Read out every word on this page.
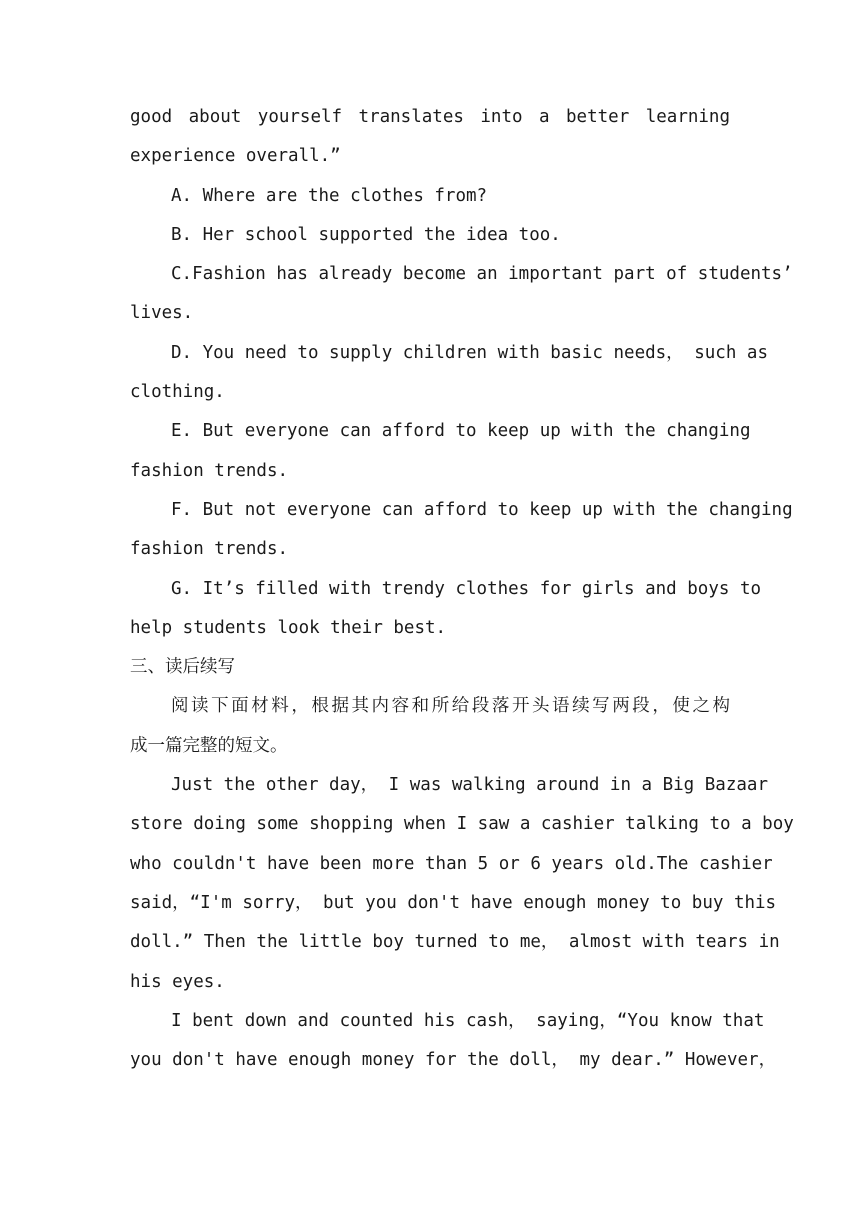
good about yourself translates into a better learning
experience overall.”
A. Where are the clothes from?
B. Her school supported the idea too.
C.Fashion has already become an important part of students’
lives.
D. You need to supply children with basic needs， such as
clothing.
E. But everyone can afford to keep up with the changing
fashion trends.
F. But not everyone can afford to keep up with the changing
fashion trends.
G. It’s filled with trendy clothes for girls and boys to
help students look their best.
三、读后续写
阅读下面材料，根据其内容和所给段落开头语续写两段，使之构
成一篇完整的短文。
Just the other day， I was walking around in a Big Bazaar
store doing some shopping when I saw a cashier talking to a boy
who couldn't have been more than 5 or 6 years old.The cashier
said，“I'm sorry， but you don't have enough money to buy this
doll.” Then the little boy turned to me， almost with tears in
his eyes.
I bent down and counted his cash， saying，“You know that
you don't have enough money for the doll， my dear.” However，
